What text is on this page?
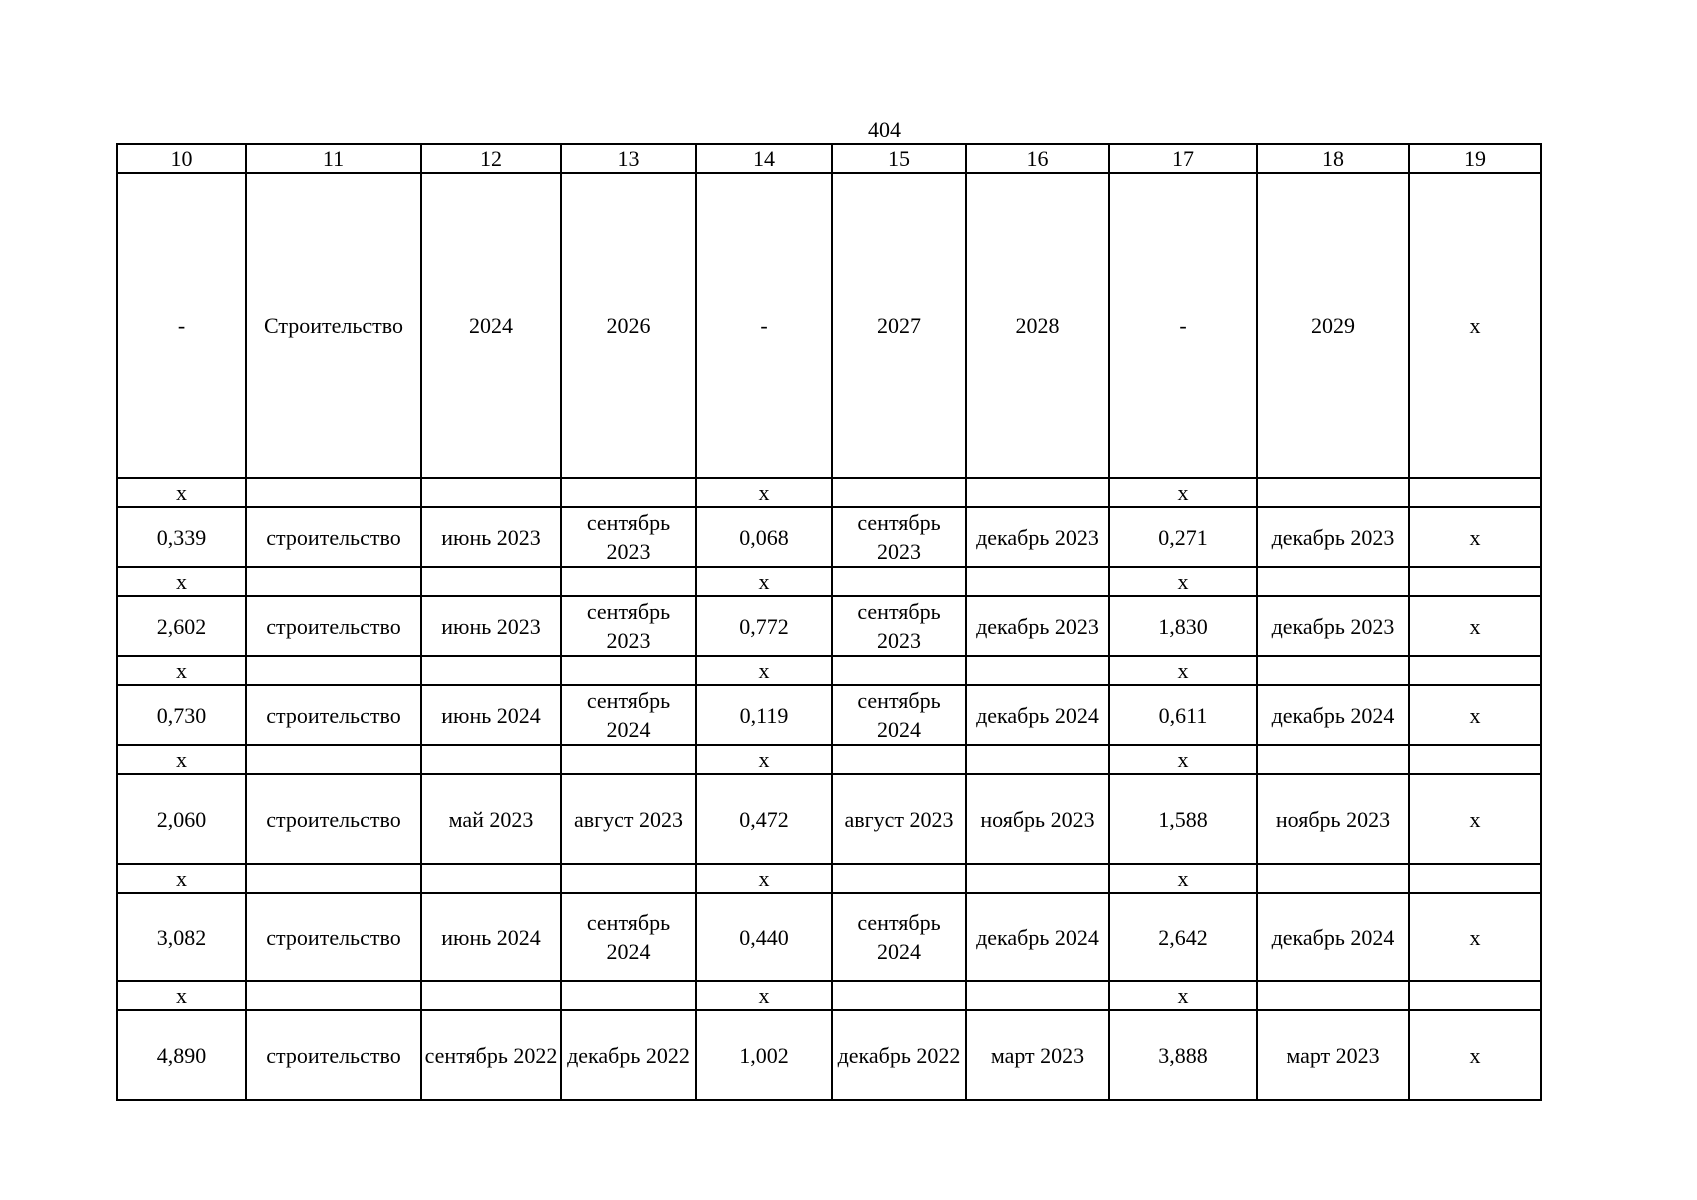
404
10	11	12	13	14	15	16	17	18	19
-	Строительство	2024	2026	-	2027	2028	-	2029	x
x				x			x		
0,339	строительство	июнь 2023	сентябрь 2023	0,068	сентябрь 2023	декабрь 2023	0,271	декабрь 2023	x
x				x			x		
2,602	строительство	июнь 2023	сентябрь 2023	0,772	сентябрь 2023	декабрь 2023	1,830	декабрь 2023	x
x				x			x		
0,730	строительство	июнь 2024	сентябрь 2024	0,119	сентябрь 2024	декабрь 2024	0,611	декабрь 2024	x
x				x			x		
2,060	строительство	май 2023	август 2023	0,472	август 2023	ноябрь 2023	1,588	ноябрь 2023	x
x				x			x		
3,082	строительство	июнь 2024	сентябрь 2024	0,440	сентябрь 2024	декабрь 2024	2,642	декабрь 2024	x
x				x			x		
4,890	строительство	сентябрь 2022	декабрь 2022	1,002	декабрь 2022	март 2023	3,888	март 2023	x
